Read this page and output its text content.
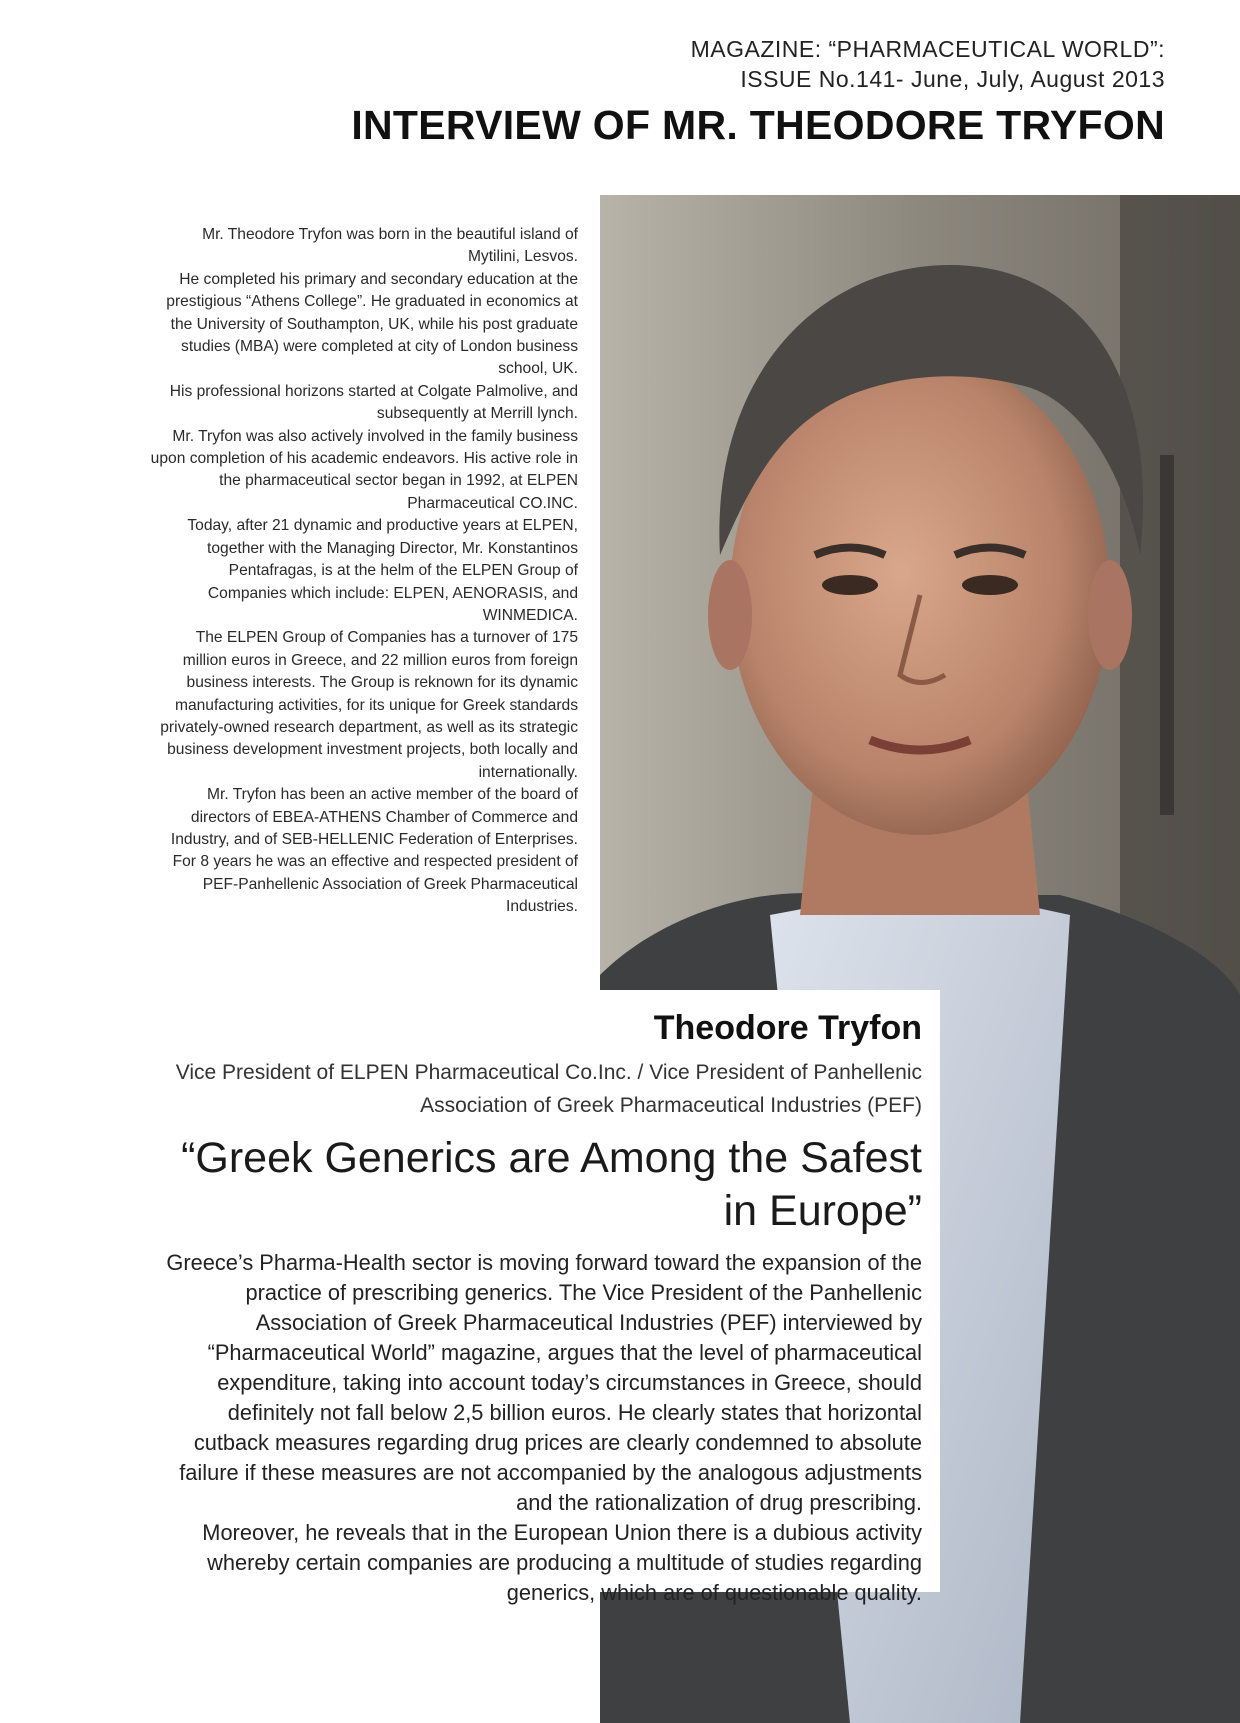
MAGAZINE: “PHARMACEUTICAL WORLD”:
ISSUE No.141- June, July, August 2013
INTERVIEW OF MR. THEODORE TRYFON

Mr. Theodore Tryfon was born in the beautiful island of Mytilini, Lesvos.

He completed his primary and secondary education at the prestigious “Athens College”. He graduated in economics at the University of Southampton, UK, while his post graduate studies (MBA) were completed at city of London business school, UK.

His professional horizons started at Colgate Palmolive, and subsequently at Merrill lynch.

Mr. Tryfon was also actively involved in the family business upon completion of his academic endeavors. His active role in the pharmaceutical sector began in 1992, at ELPEN Pharmaceutical CO.INC.

Today, after 21 dynamic and productive years at ELPEN, together with the Managing Director, Mr. Konstantinos Pentafragas, is at the helm of the ELPEN Group of Companies which include: ELPEN, AENORASIS, and WINMEDICA.

The ELPEN Group of Companies has a turnover of 175 million euros in Greece, and 22 million euros from foreign business interests. The Group is reknown for its dynamic manufacturing activities, for its unique for Greek standards privately-owned research department, as well as its strategic business development investment projects, both locally and internationally.

Mr. Tryfon has been an active member of the board of directors of EBEA-ATHENS Chamber of Commerce and Industry, and of SEB-HELLENIC Federation of Enterprises. For 8 years he was an effective and respected president of PEF-Panhellenic Association of Greek Pharmaceutical Industries.

Theodore Tryfon
Vice President of ELPEN Pharmaceutical Co.Inc. / Vice President of Panhellenic Association of Greek Pharmaceutical Industries (PEF)
“Greek Generics are Among the Safest in Europe”

Greece’s Pharma-Health sector is moving forward toward the expansion of the practice of prescribing generics. The Vice President of the Panhellenic Association of Greek Pharmaceutical Industries (PEF) interviewed by “Pharmaceutical World” magazine, argues that the level of pharmaceutical expenditure, taking into account today’s circumstances in Greece, should definitely not fall below 2,5 billion euros. He clearly states that horizontal cutback measures regarding drug prices are clearly condemned to absolute failure if these measures are not accompanied by the analogous adjustments and the rationalization of drug prescribing.

Moreover, he reveals that in the European Union there is a dubious activity whereby certain companies are producing a multitude of studies regarding generics, which are of questionable quality.
